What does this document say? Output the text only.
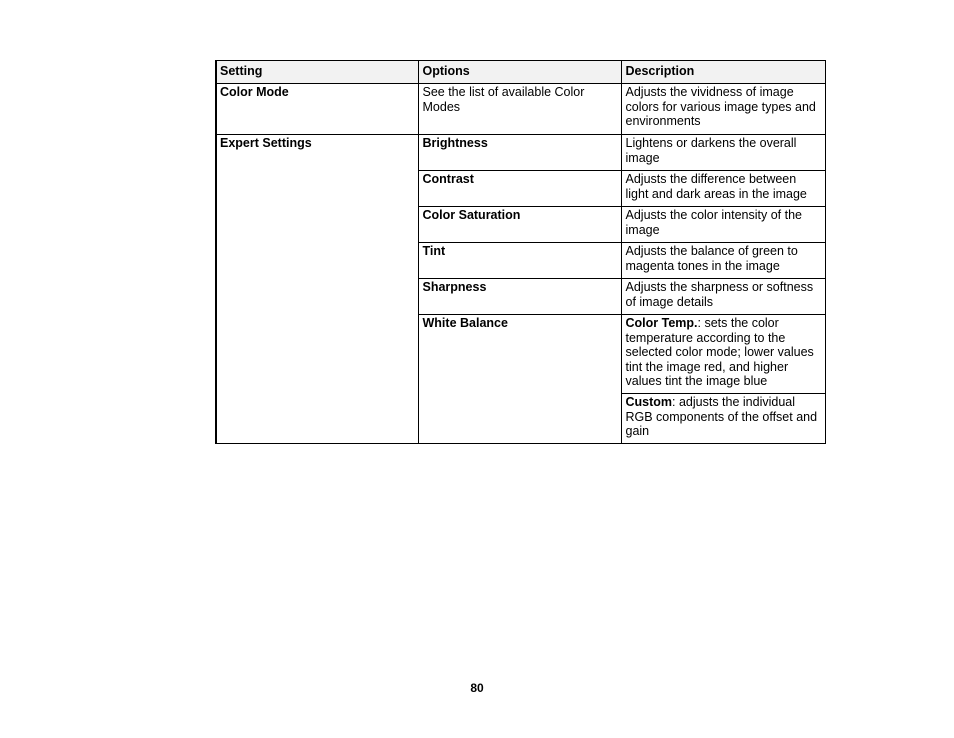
Setting	Options	Description
Color Mode	See the list of available Color Modes	Adjusts the vividness of image colors for various image types and environments
Expert Settings	Brightness	Lightens or darkens the overall image
	Contrast	Adjusts the difference between light and dark areas in the image
	Color Saturation	Adjusts the color intensity of the image
	Tint	Adjusts the balance of green to magenta tones in the image
	Sharpness	Adjusts the sharpness or softness of image details
	White Balance	Color Temp.: sets the color temperature according to the selected color mode; lower values tint the image red, and higher values tint the image blue
		Custom: adjusts the individual RGB components of the offset and gain
80
